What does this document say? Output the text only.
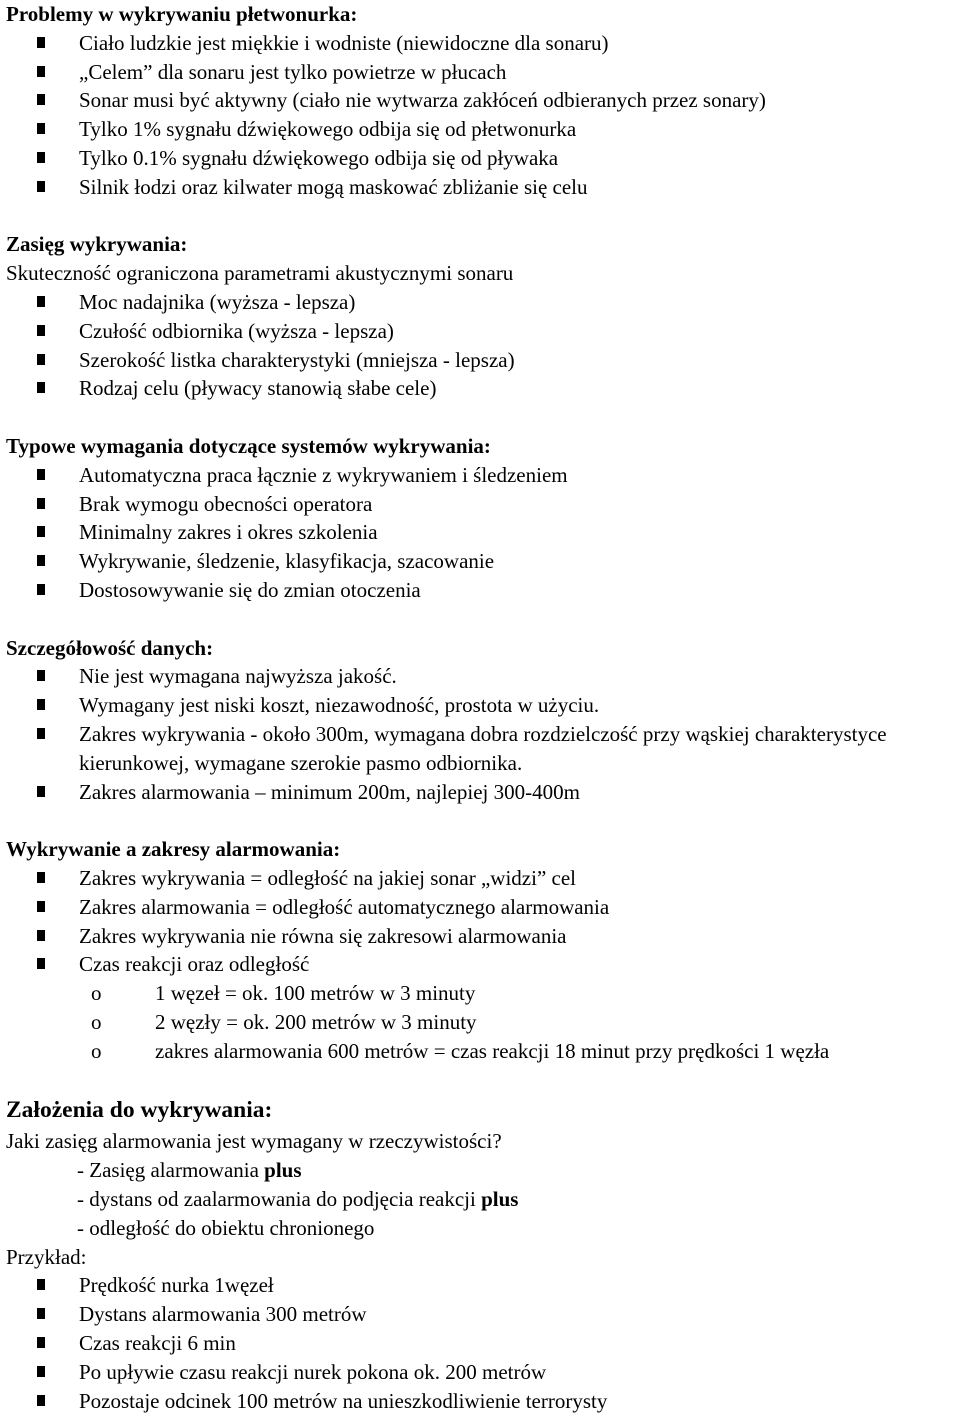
Problemy w wykrywaniu płetwonurka:
Ciało ludzkie jest miękkie i wodniste (niewidoczne dla sonaru)
„Celem” dla sonaru jest tylko powietrze w płucach
Sonar musi być aktywny (ciało nie wytwarza zakłóceń odbieranych przez sonary)
Tylko 1% sygnału dźwiękowego odbija się od płetwonurka
Tylko 0.1% sygnału dźwiękowego odbija się od pływaka
Silnik łodzi oraz kilwater mogą maskować zbliżanie się celu
Zasięg wykrywania:

Skuteczność ograniczona parametrami akustycznymi sonaru

Moc nadajnika (wyższa - lepsza)
Czułość odbiornika (wyższa - lepsza)
Szerokość listka charakterystyki (mniejsza - lepsza)
Rodzaj celu (pływacy stanowią słabe cele)
Typowe wymagania dotyczące systemów wykrywania:
Automatyczna praca łącznie z wykrywaniem i śledzeniem
Brak wymogu obecności operatora
Minimalny zakres i okres szkolenia
Wykrywanie, śledzenie, klasyfikacja, szacowanie
Dostosowywanie się do zmian otoczenia
Szczegółowość danych:
Nie jest wymagana najwyższa jakość.
Wymagany jest niski koszt, niezawodność, prostota w użyciu.
Zakres wykrywania - około 300m, wymagana dobra rozdzielczość przy wąskiej charakterystyce kierunkowej, wymagane szerokie pasmo odbiornika.
Zakres alarmowania – minimum 200m, najlepiej 300-400m
Wykrywanie a zakresy alarmowania:
Zakres wykrywania = odległość na jakiej sonar „widzi” cel
Zakres alarmowania = odległość automatycznego alarmowania
Zakres wykrywania nie równa się zakresowi alarmowania
Czas reakcji oraz odległość
o	1 węzeł = ok. 100 metrów w 3 minuty
o	2 węzły = ok. 200 metrów w 3 minuty
o	zakres alarmowania 600 metrów = czas reakcji 18 minut przy prędkości 1 węzła
Założenia do wykrywania:

Jaki zasięg alarmowania jest wymagany w rzeczywistości?

- Zasięg alarmowania plus

- dystans od zaalarmowania do podjęcia reakcji plus

- odległość do obiektu chronionego

Przykład:

Prędkość nurka 1węzeł
Dystans alarmowania 300 metrów
Czas reakcji 6 min
Po upływie czasu reakcji nurek pokona ok. 200 metrów
Pozostaje odcinek 100 metrów na unieszkodliwienie terrorysty
